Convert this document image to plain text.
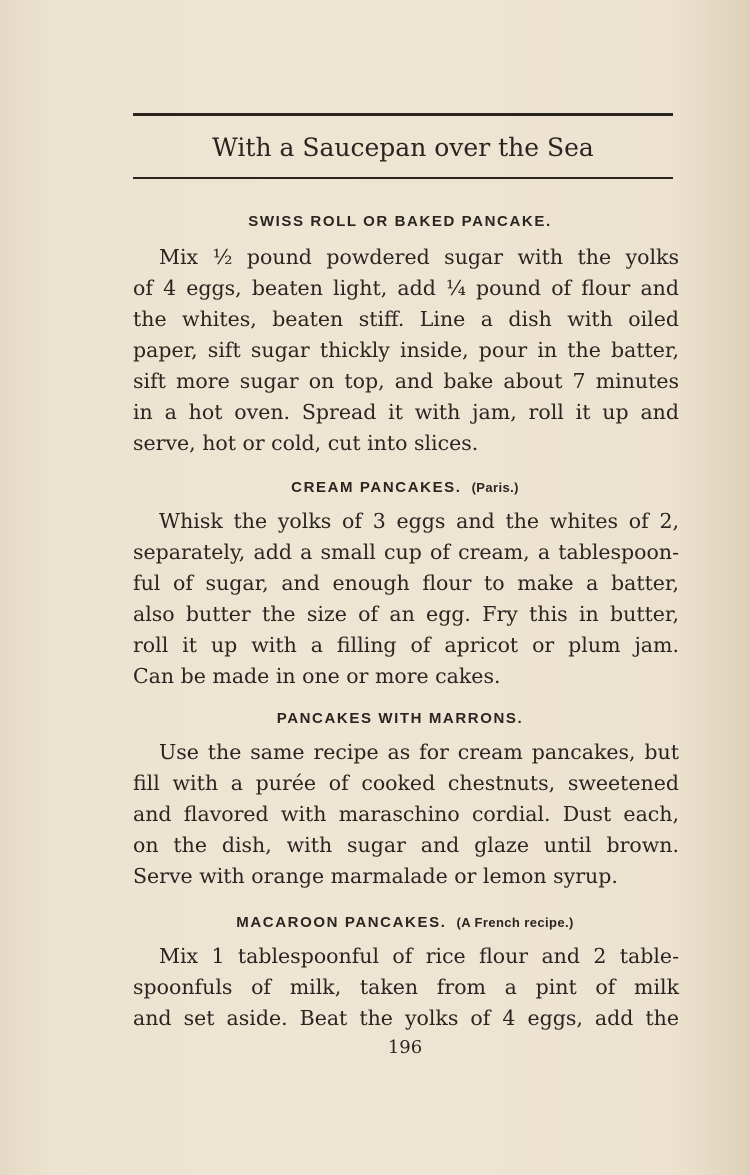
With a Saucepan over the Sea
SWISS ROLL OR BAKED PANCAKE.
Mix ½ pound powdered sugar with the yolks
of 4 eggs, beaten light, add ¼ pound of flour and
the whites, beaten stiff. Line a dish with oiled
paper, sift sugar thickly inside, pour in the batter,
sift more sugar on top, and bake about 7 minutes
in a hot oven. Spread it with jam, roll it up and
serve, hot or cold, cut into slices.
CREAM PANCAKES. (Paris.)
Whisk the yolks of 3 eggs and the whites of 2,
separately, add a small cup of cream, a tablespoon-
ful of sugar, and enough flour to make a batter,
also butter the size of an egg. Fry this in butter,
roll it up with a filling of apricot or plum jam.
Can be made in one or more cakes.
PANCAKES WITH MARRONS.
Use the same recipe as for cream pancakes, but
fill with a purée of cooked chestnuts, sweetened
and flavored with maraschino cordial. Dust each,
on the dish, with sugar and glaze until brown.
Serve with orange marmalade or lemon syrup.
MACAROON PANCAKES. (A French recipe.)
Mix 1 tablespoonful of rice flour and 2 table-
spoonfuls of milk, taken from a pint of milk
and set aside. Beat the yolks of 4 eggs, add the
196
